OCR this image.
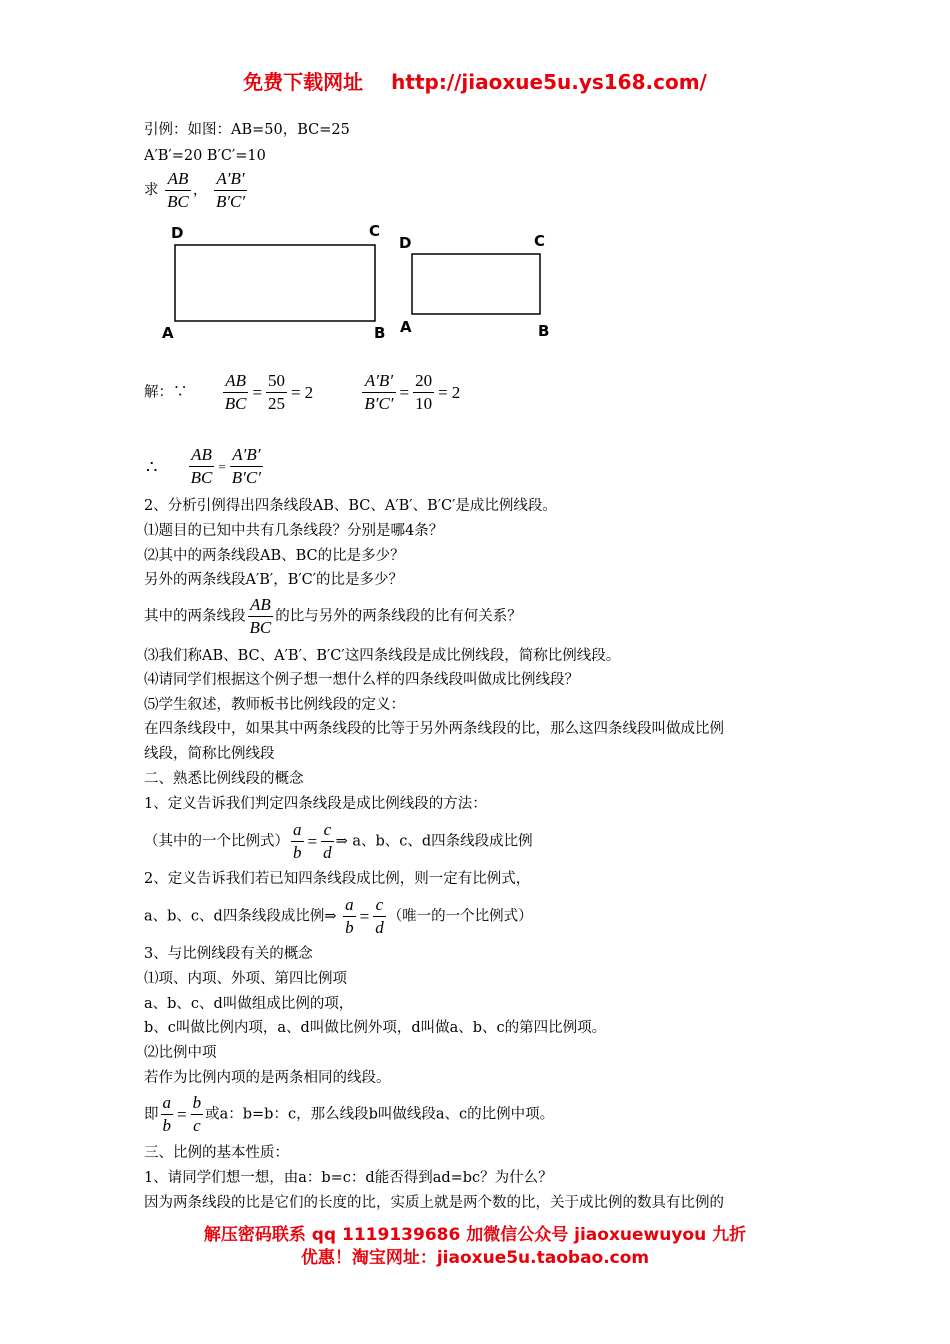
免费下载网址 http://jiaoxue5u.ys168.com/
引例：如图：AB=50，BC=25
A′B′=20 B′C′=10
求 $\frac{AB}{BC}$ ， $\frac{A'B'}{B'C'}$
D	C
A	B
D	C
A	B
解：∵ $\frac{AB}{BC} = \frac{50}{25} = 2$	$\frac{A'B'}{B'C'} = \frac{20}{10} = 2$
∴ $\frac{AB}{BC} = \frac{A'B'}{B'C'}$
2、分析引例得出四条线段AB、BC、A′B′、B′C′是成比例线段。
⑴题目的已知中共有几条线段？分别是哪4条？
⑵其中的两条线段AB、BC的比是多少？
另外的两条线段A′B′，B′C′的比是多少？
其中的两条线段 $\frac{AB}{BC}$ 的比与另外的两条线段的比有何关系？
⑶我们称AB、BC、A′B′、B′C′这四条线段是成比例线段，简称比例线段。
⑷请同学们根据这个例子想一想什么样的四条线段叫做成比例线段？
⑸学生叙述，教师板书比例线段的定义：
在四条线段中，如果其中两条线段的比等于另外两条线段的比，那么这四条线段叫做成比例
线段，简称比例线段
二、熟悉比例线段的概念
1、定义告诉我们判定四条线段是成比例线段的方法：
（其中的一个比例式） $\frac{a}{b} = \frac{c}{d}$ ⇒ a、b、c、d四条线段成比例
2、定义告诉我们若已知四条线段成比例，则一定有比例式，
a、b、c、d四条线段成比例⇒ $\frac{a}{b} = \frac{c}{d}$ （唯一的一个比例式）
3、与比例线段有关的概念
⑴项、内项、外项、第四比例项
a、b、c、d叫做组成比例的项，
b、c叫做比例内项，a、d叫做比例外项，d叫做a、b、c的第四比例项。
⑵比例中项
若作为比例内项的是两条相同的线段。
即 $\frac{a}{b} = \frac{b}{c}$ 或a：b=b：c，那么线段b叫做线段a、c的比例中项。
三、比例的基本性质：
1、请同学们想一想，由a：b=c：d能否得到ad=bc？为什么？
因为两条线段的比是它们的长度的比，实质上就是两个数的比，关于成比例的数具有比例的
解压密码联系 qq 1119139686 加微信公众号 jiaoxuewuyou 九折
优惠！淘宝网址：jiaoxue5u.taobao.com
